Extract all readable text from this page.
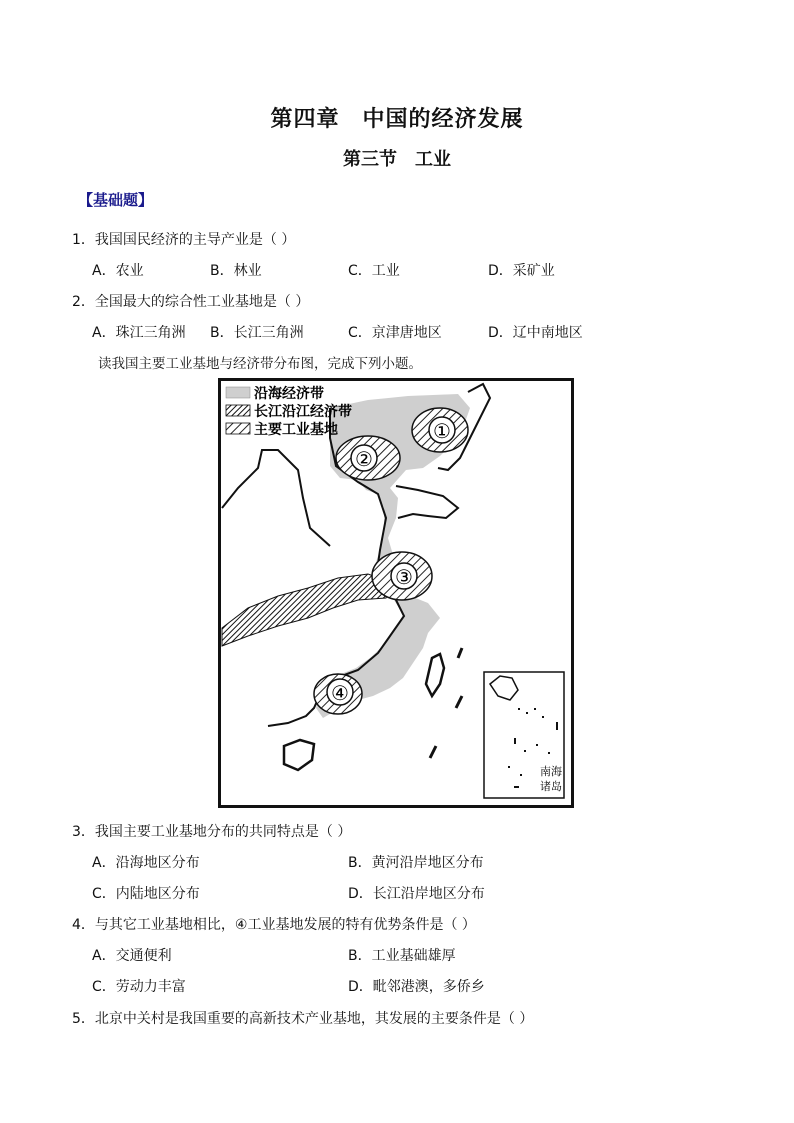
第四章　中国的经济发展
第三节　工业
【基础题】
1．我国国民经济的主导产业是（ ）
A．农业	B．林业	C．工业	D．采矿业
2．全国最大的综合性工业基地是（ ）
A．珠江三角洲 B．长江三角洲	C．京津唐地区	D．辽中南地区
读我国主要工业基地与经济带分布图，完成下列小题。
①
②
③
④
沿海经济带
长江沿江经济带
主要工业基地
南海
诸岛
3．我国主要工业基地分布的共同特点是（ ）
A．沿海地区分布	B．黄河沿岸地区分布
C．内陆地区分布	D．长江沿岸地区分布
4．与其它工业基地相比，④工业基地发展的特有优势条件是（ ）
A．交通便利	B．工业基础雄厚
C．劳动力丰富	D．毗邻港澳，多侨乡
5．北京中关村是我国重要的高新技术产业基地，其发展的主要条件是（ ）
